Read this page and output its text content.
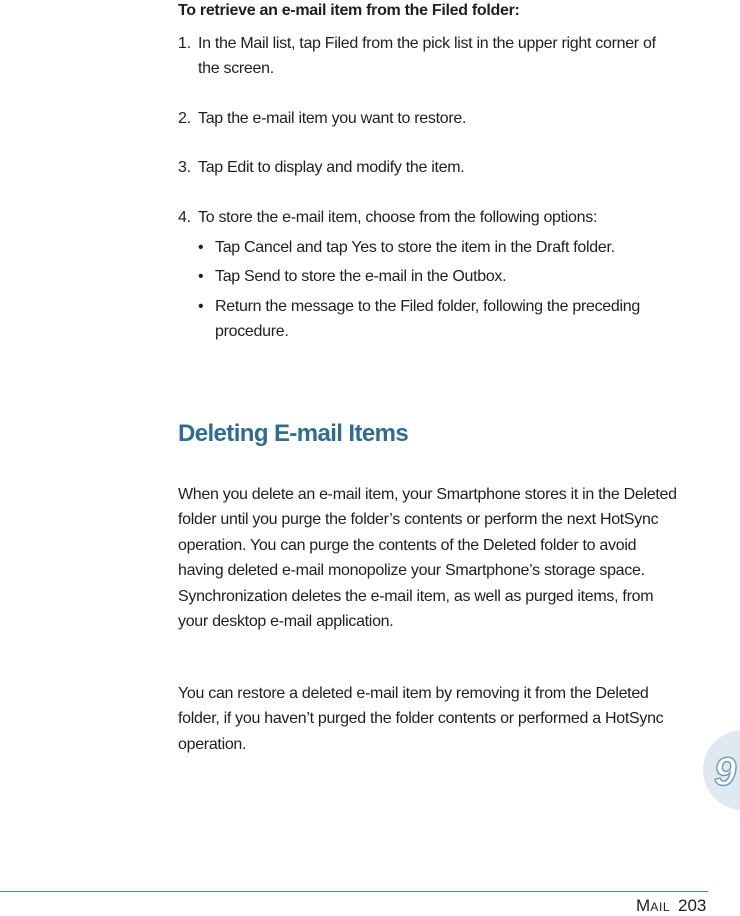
To retrieve an e-mail item from the Filed folder:
1. In the Mail list, tap Filed from the pick list in the upper right corner of the screen.
2. Tap the e-mail item you want to restore.
3. Tap Edit to display and modify the item.
4. To store the e-mail item, choose from the following options:
• Tap Cancel and tap Yes to store the item in the Draft folder.
• Tap Send to store the e-mail in the Outbox.
• Return the message to the Filed folder, following the preceding procedure.
Deleting E-mail Items
When you delete an e-mail item, your Smartphone stores it in the Deleted folder until you purge the folder’s contents or perform the next HotSync operation. You can purge the contents of the Deleted folder to avoid having deleted e-mail monopolize your Smartphone’s storage space. Synchronization deletes the e-mail item, as well as purged items, from your desktop e-mail application.
You can restore a deleted e-mail item by removing it from the Deleted folder, if you haven’t purged the folder contents or performed a HotSync operation.
9
MAIL 203
